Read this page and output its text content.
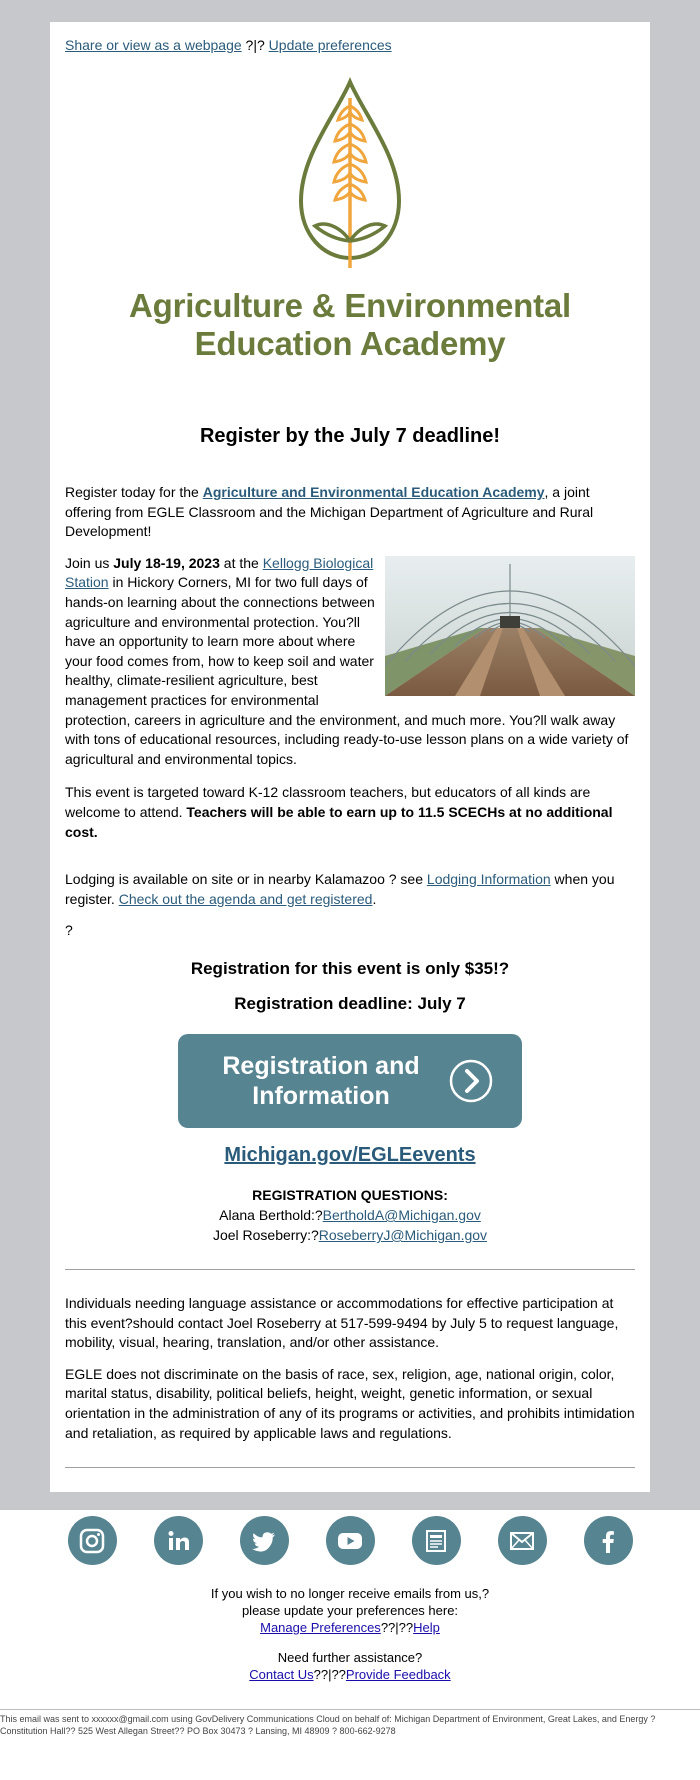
Share or view as a webpage ?|? Update preferences
Agriculture & Environmental
Education Academy
Register by the July 7 deadline!

Register today for the Agriculture and Environmental Education Academy, a joint offering from EGLE Classroom and the Michigan Department of Agriculture and Rural Development!

Join us July 18-19, 2023 at the Kellogg Biological Station in Hickory Corners, MI for two full days of hands-on learning about the connections between agriculture and environmental protection. You?ll have an opportunity to learn more about where your food comes from, how to keep soil and water healthy, climate-resilient agriculture, best management practices for environmental protection, careers in agriculture and the environment, and much more. You?ll walk away with tons of educational resources, including ready-to-use lesson plans on a wide variety of agricultural and environmental topics.

This event is targeted toward K-12 classroom teachers, but educators of all kinds are welcome to attend. Teachers will be able to earn up to 11.5 SCECHs at no additional cost.

Lodging is available on site or in nearby Kalamazoo ? see Lodging Information when you register. Check out the agenda and get registered.

?

Registration for this event is only $35!?

Registration deadline: July 7

Registration and Information
Michigan.gov/EGLEevents
REGISTRATION QUESTIONS:
Alana Berthold:?BertholdA@Michigan.gov
Joel Roseberry:?RoseberryJ@Michigan.gov

Individuals needing language assistance or accommodations for effective participation at this event?should contact Joel Roseberry at 517-599-9494 by July 5 to request language, mobility, visual, hearing, translation, and/or other assistance.

EGLE does not discriminate on the basis of race, sex, religion, age, national origin, color, marital status, disability, political beliefs, height, weight, genetic information, or sexual orientation in the administration of any of its programs or activities, and prohibits intimidation and retaliation, as required by applicable laws and regulations.

If you wish to no longer receive emails from us,?
please update your preferences here:
Manage Preferences??|??Help
Need further assistance?
Contact Us??|??Provide Feedback
This email was sent to xxxxxx@gmail.com using GovDelivery Communications Cloud on behalf of: Michigan Department of Environment, Great Lakes, and Energy ? Constitution Hall?? 525 West Allegan Street?? PO Box 30473 ? Lansing, MI 48909 ? 800-662-9278
